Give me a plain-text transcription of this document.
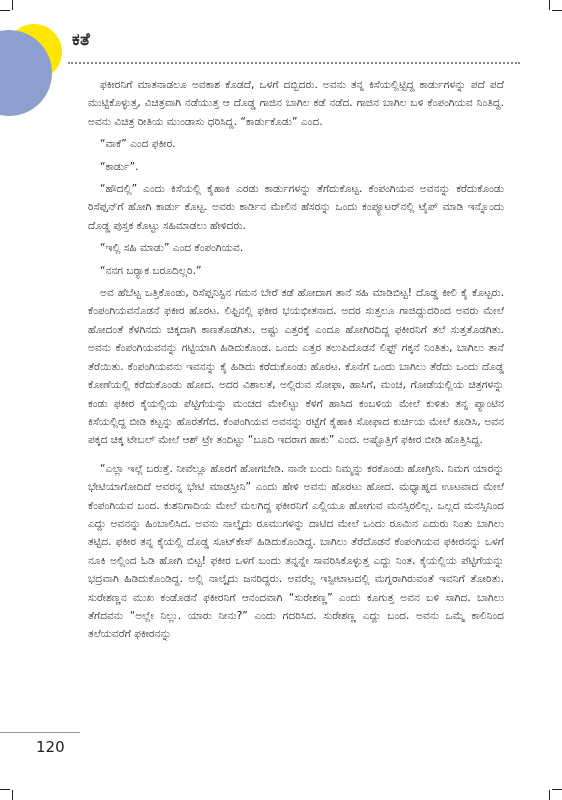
ಕತೆ

ಫಕೀರನಿಗೆ ಮಾತನಾಡಲೂ ಅವಕಾಶ ಕೊಡದೆ, ಒಳಗೆ ದಬ್ಬಿದರು. ಅವನು ತನ್ನ ಕಿಸೆಯಲ್ಲಿಟ್ಟಿದ್ದ ಕಾರ್ಡುಗಳನ್ನು ಪದೆ ಪದೆ ಮುಟ್ಟಿಕೊಳ್ಳುತ್ತ, ವಿಚಿತ್ರವಾಗಿ ನಡೆಯುತ್ತ ಆ ದೊಡ್ಡ ಗಾಜಿನ ಬಾಗಿಲ ಕಡೆ ನಡೆದ. ಗಾಜಿನ ಬಾಗಿಲ ಬಳಿ ಕೆಂಪಂಗಿಯವ ನಿಂತಿದ್ದ. ಅವನು ವಿಚಿತ್ರ ರೀತಿಯ ಮುಂಡಾಸು ಧರಿಸಿದ್ದ. “ಕಾರ್ಡುಕೊಡು” ಎಂದ.

“ವಾಕೆ” ಎಂದ ಫಕೀರ.

“ಕಾರ್ಡು”.

“ಹೌದಲ್ಲಿ” ಎಂದು ಕಿಸೆಯಲ್ಲಿ ಕೈಹಾಕಿ ಎರಡು ಕಾರ್ಡುಗಳನ್ನು ತೆಗೆದುಕೊಟ್ಟ. ಕೆಂಪಂಗಿಯವ ಅವನನ್ನು ಕರೆದುಕೊಂಡು ರಿಸೆಪ್ಷನ್‌ಗೆ ಹೋಗಿ ಕಾರ್ಡು ಕೊಟ್ಟ. ಅವರು ಕಾರ್ಡಿನ ಮೇಲಿನ ಹೆಸರನ್ನು ಒಂದು ಕಂಪ್ಯೂಟರ್‌ನಲ್ಲಿ ಟೈಪ್ ಮಾಡಿ ಇನ್ನೊಂದು ದೊಡ್ಡ ಪುಸ್ತಕ ಕೊಟ್ಟು ಸಹಿಮಾಡಲು ಹೇಳಿದರು.

“ಇಲ್ಲಿ ಸಹಿ ಮಾಡು” ಎಂದ ಕೆಂಪಂಗಿಯವ.

“ನನಗ ಬರ್‍ಯಾಕ ಬರೂದಿಲ್ಲರಿ.”

ಅವ ಹೆಬೆಟ್ಟ ಒತ್ತಿಕೊಂಡು, ರಿಸೆಪ್ಷನಿಸ್ಟಿನ ಗಮನ ಬೇರೆ ಕಡೆ ಹೋದಾಗ ತಾನೆ ಸಹಿ ಮಾಡಿಬಿಟ್ಟ! ದೊಡ್ಡ ಕೀಲಿ ಕೈ ಕೊಟ್ಟರು. ಕೆಂಪಂಗಿಯವನೊಡನೆ ಫಕೀರ ಹೊರಟ. ಲಿಫ್ಟಿನಲ್ಲಿ ಫಕೀರ ಭಯಭೀತನಾದ. ಅದರ ಸುತ್ತಲೂ ಗಾಜಿದ್ದುದರಿಂದ ಅವರು ಮೇಲೆ ಹೋದಂತೆ ಕೆಳಗಿನದು ಚಿಕ್ಕದಾಗಿ ಕಾಣತೊಡಗಿತು. ಅಷ್ಟು ಎತ್ತರಕ್ಕೆ ಎಂದೂ ಹೋಗಿರದಿದ್ದ ಫಕೀರನಿಗೆ ತಲೆ ಸುತ್ತತೊಡಗಿತು. ಅವನು ಕೆಂಪಂಗಿಯವನನ್ನು ಗಟ್ಟಿಯಾಗಿ ಹಿಡಿದುಕೊಂಡ. ಒಂದು ಎತ್ತರ ತಲುಪಿದೊಡನೆ ಲಿಫ್ಟ್ ಗಕ್ಕನೆ ನಿಂತಿತು, ಬಾಗಿಲು ತಾನೆ ತೆರೆಯಿತು. ಕೆಂಪಂಗಿಯವನು ಇವನನ್ನು ಕೈ ಹಿಡಿದು ಕರೆದುಕೊಂಡು ಹೊರಟ. ಕೊನೆಗೆ ಒಂದು ಬಾಗಿಲು ತೆರೆದು ಒಂದು ದೊಡ್ಡ ಕೋಣೆಯಲ್ಲಿ ಕರೆದುಕೊಂಡು ಹೋದ. ಅದರ ವಿಶಾಲತೆ, ಅಲ್ಲಿರುವ ಸೋಫಾ, ಹಾಸಿಗೆ, ಮಂಚ, ಗೋಡೆಯಲ್ಲಿಯ ಚಿತ್ರಗಳನ್ನು ಕಂಡು ಫಕೀರ ಕೈಯಲ್ಲಿಯ ಪೆಟ್ಟಿಗೆಯನ್ನು ಮಂಚದ ಮೇಲಿಟ್ಟು ಕೆಳಗೆ ಹಾಸಿದ ಕಂಬಳಿಯ ಮೇಲೆ ಕುಳಿತು ತನ್ನ ಪ್ಯಾಂಟಿನ ಕಿಸೆಯಲ್ಲಿದ್ದ ಬೀಡಿ ಕಟ್ಟನ್ನು ಹೊರತೆಗೆದ. ಕೆಂಪಂಗಿಯವ ಅವನನ್ನು ರಟ್ಟೆಗೆ ಕೈಹಾಕಿ ಸೋಫಾದ ಕುರ್ಚಿಯ ಮೇಲೆ ಕೂಡಿಸಿ, ಅವನ ಪಕ್ಕದ ಚಿಕ್ಕ ಟೇಬಲ್ ಮೇಲೆ ಆಶ್ ಟ್ರೇ ತಂದಿಟ್ಟು “ಬೂದಿ ಇದರಾಗ ಹಾಕು” ಎಂದ. ಅಷ್ಟೊತ್ತಿಗೆ ಫಕೀರ ಬೀಡಿ ಹೊತ್ತಿಸಿದ್ದ.

“ಎಲ್ಲಾ ಇಲ್ಲೆ ಬರುತ್ತೆ. ನೀವೆಲ್ಲೂ ಹೊರಗೆ ಹೋಗಬೇಡಿ. ನಾನೇ ಬಂದು ನಿಮ್ಮನ್ನು ಕರಕೊಂಡು ಹೋಗ್ತೀನಿ. ನಿಮಗ ಯಾರನ್ನು ಭೇಟಿಯಾಗೋದಿದೆ ಅವರನ್ನ ಭೇಟಿ ಮಾಡಸ್ತೀನಿ” ಎಂದು ಹೇಳಿ ಅವನು ಹೊರಟು ಹೋದ. ಮಧ್ಯಾಹ್ನದ ಊಟವಾದ ಮೇಲೆ ಕೆಂಪಂಗಿಯವ ಬಂದ. ಕುಶನಿಗಾದಿಯ ಮೇಲೆ ಮಲಗಿದ್ದ ಫಕೀರನಿಗೆ ಎಲ್ಲಿಯೂ ಹೋಗುವ ಮನಸ್ಸಿರಲಿಲ್ಲ. ಒಲ್ಲದ ಮನಸ್ಸಿನಿಂದ ಎದ್ದು ಅವನನ್ನು ಹಿಂಬಾಲಿಸಿದ. ಅವನು ನಾಲ್ಕೈದು ರೂಮುಗಳನ್ನು ದಾಟಿದ ಮೇಲೆ ಒಂದು ರೂಮಿನ ಎದುರು ನಿಂತು ಬಾಗಿಲು ತಟ್ಟಿದ. ಫಕೀರ ತನ್ನ ಕೈಯಲ್ಲಿ ದೊಡ್ಡ ಸೂಟ್‌ಕೇಸ್ ಹಿಡಿದುಕೊಂಡಿದ್ದ. ಬಾಗಿಲು ತೆರೆದೊಡನೆ ಕೆಂಪಂಗಿಯವ ಫಕೀರನನ್ನು ಒಳಗೆ ನೂಕಿ ಅಲ್ಲಿಂದ ಓಡಿ ಹೋಗಿ ಬಿಟ್ಟ! ಫಕೀರ ಒಳಗೆ ಬಂದು ತನ್ನನ್ನೇ ಸಾವರಿಸಿಕೊಳ್ಳುತ್ತ ಎದ್ದು ನಿಂತ. ಕೈಯಲ್ಲಿಯ ಪೆಟ್ಟಿಗೆಯನ್ನು ಭದ್ರವಾಗಿ ಹಿಡಿದುಕೊಂಡಿದ್ದ. ಅಲ್ಲಿ ನಾಲ್ಕೈದು ಜನರಿದ್ದರು. ಅವರೆಲ್ಲ ಇಸ್ಪೀಟಾಟದಲ್ಲಿ ಮಗ್ನರಾಗಿರುವಂತೆ ಇವನಿಗೆ ತೋರಿತು. ಸುರೇಶಣ್ಣನ ಮುಖ ಕಂಡೊಡನೆ ಫಕೀರನಿಗೆ ಆನಂದವಾಗಿ “ಸುರೇಶಣ್ಣ” ಎಂದು ಕೂಗುತ್ತ ಅವನ ಬಳಿ ಸಾಗಿದ. ಬಾಗಿಲು ತೆಗೆದವನು “ಅಲ್ಲೇ ನಿಲ್ಲು. ಯಾರು ನೀನು?” ಎಂದು ಗದರಿಸಿದ. ಸುರೇಶಣ್ಣ ಎದ್ದು ಬಂದ. ಅವನು ಒಮ್ಮೆ ಕಾಲಿನಿಂದ ತಲೆಯವರೆಗೆ ಫಕೀರನನ್ನು

120
